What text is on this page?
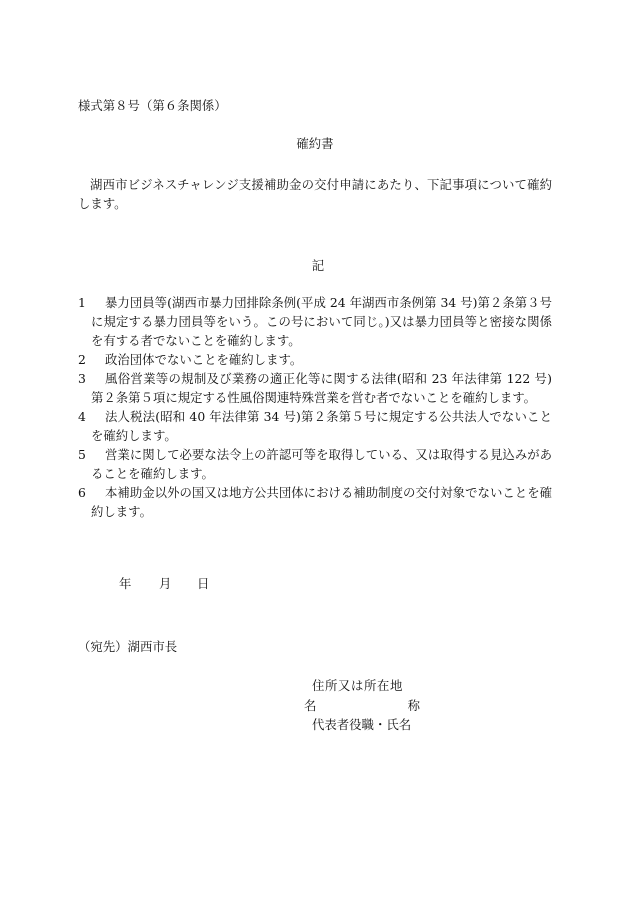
様式第８号（第６条関係）
確約書
湖西市ビジネスチャレンジ支援補助金の交付申請にあたり、下記事項について確約します。
記
1	暴力団員等(湖西市暴力団排除条例(平成 24 年湖西市条例第 34 号)第２条第３号に規定する暴力団員等をいう。この号において同じ。)又は暴力団員等と密接な関係を有する者でないことを確約します。
2	政治団体でないことを確約します。
3	風俗営業等の規制及び業務の適正化等に関する法律(昭和 23 年法律第 122 号)第２条第５項に規定する性風俗関連特殊営業を営む者でないことを確約します。
4	法人税法(昭和 40 年法律第 34 号)第２条第５号に規定する公共法人でないことを確約します。
5	営業に関して必要な法令上の許認可等を取得している、又は取得する見込みがあることを確約します。
6	本補助金以外の国又は地方公共団体における補助制度の交付対象でないことを確約します。
年 月 日
（宛先）湖西市長
住所又は所在地
名	称
代表者役職・氏名
